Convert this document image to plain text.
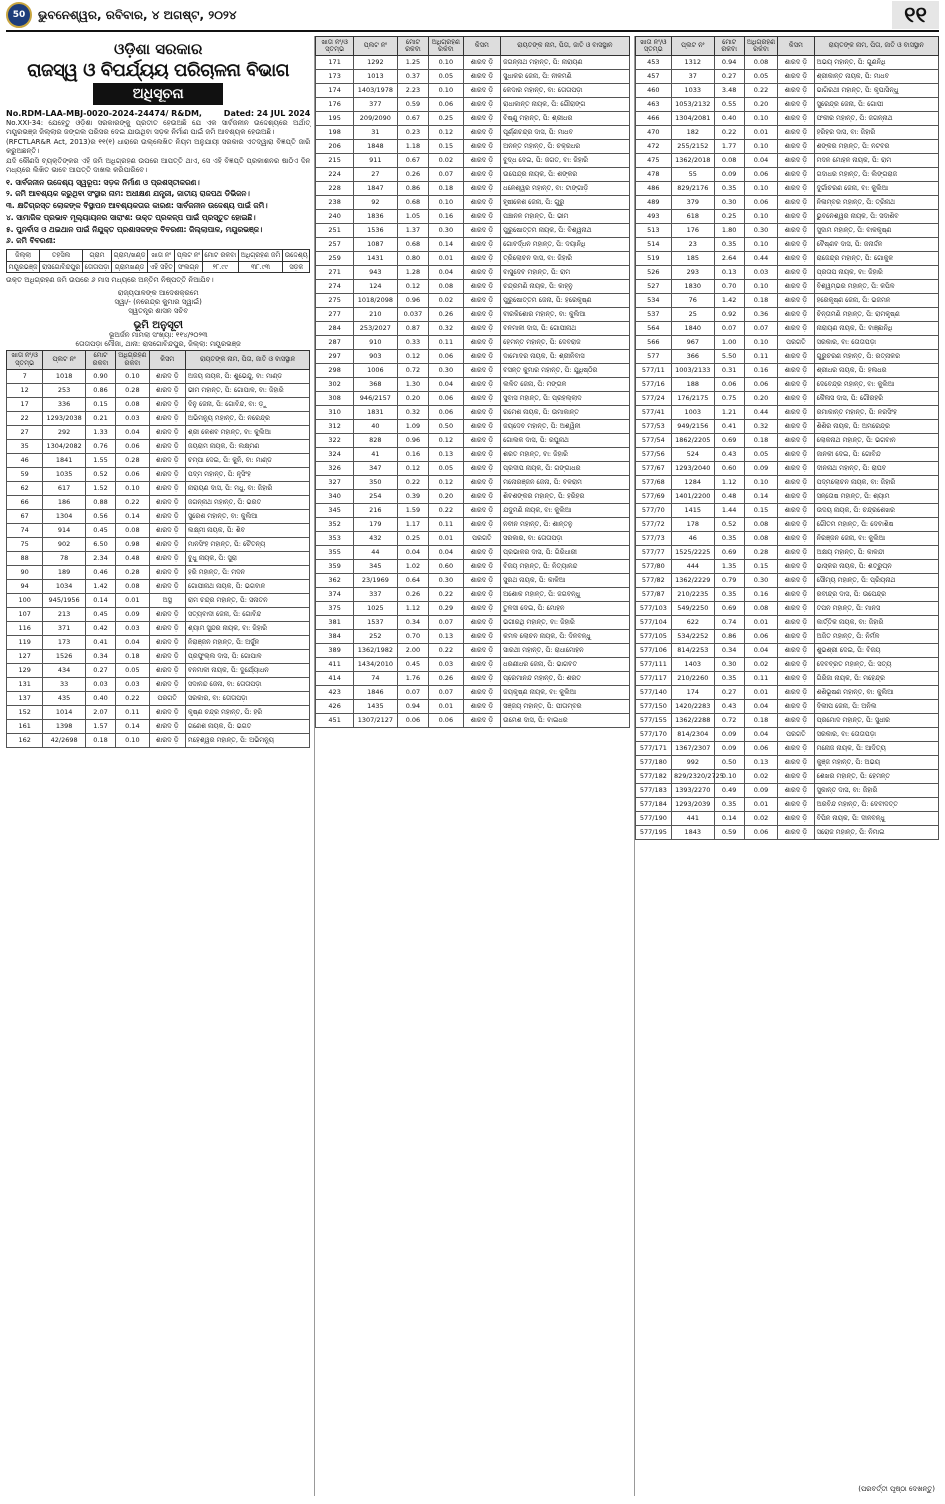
50 ଭୁବନେଶ୍ୱର, ରବିବାର, ୪ ଅଗଷ୍ଟ, ୨୦୨୪	୧୧
ଓଡ଼ିଶା ସରକାର
ରାଜସ୍ୱ ଓ ବିପର୍ଯ୍ୟୟ ପରିଚାଳନା ବିଭାଗ
ଅଧିସୂଚନା
No.RDM-LAA-MBJ-0020-2024-24474/ R&DM,	Dated: 24 JUL 2024

No.XXI-34: ଯେହେତୁ ଓଡ଼ିଶା ସରକାରଙ୍କୁ ପ୍ରତୀତ ହେଉଅଛି ଯେ ଏକ ସାର୍ବଜନୀନ ଉଦ୍ଦେଶ୍ୟରେ ଅର୍ଥାତ୍ ମୟୂରଭଞ୍ଜ ଜିଲ୍ଲାର ଜଙ୍ଗଲ ପରିସର ଦେଇ ଯାଉଥିବା ସଡ଼କ ନିର୍ମାଣ ପାଇଁ ଜମି ଆବଶ୍ୟକ ହେଉଅଛି।

(RFCTLAR&R Act, 2013)ର ୧୧(୧) ଧାରାରେ ଉଲ୍ଲେଖିତ ନିୟମ ଅନୁଯାୟୀ ସରକାର ଏତଦ୍ୱାରା ବିଜ୍ଞପ୍ତି ଜାରି କରୁଅଛନ୍ତି।

ଯଦି କୌଣସି ବ୍ୟକ୍ତିଙ୍କର ଏହି ଜମି ଅଧିଗ୍ରହଣ ଉପରେ ଆପତ୍ତି ଥାଏ, ସେ ଏହି ବିଜ୍ଞପ୍ତି ପ୍ରକାଶନର ଷାଠିଏ ଦିନ ମଧ୍ୟରେ ଲିଖିତ ଭାବେ ଆପତ୍ତି ଦାଖଲ କରିପାରିବେ।

୧. ସାର୍ବଜନୀନ ଉଦ୍ଦେଶ୍ୟ ସ୍ୱରୂପ: ସଡ଼କ ନିର୍ମାଣ ଓ ପ୍ରଶସ୍ତୀକରଣ।
୨. ଜମି ଆବଶ୍ୟକ କରୁଥିବା ସଂସ୍ଥାର ନାମ: ଅଧୀକ୍ଷଣ ଯନ୍ତ୍ରୀ, ଜାତୀୟ ରାଜପଥ ଡିଭିଜନ।
୩. କ୍ଷତିଗ୍ରସ୍ତ ଲୋକଙ୍କ ବିସ୍ଥାପନ ଆବଶ୍ୟକତାର କାରଣ: ସାର୍ବଜନୀନ ଉଦ୍ଦେଶ୍ୟ ପାଇଁ ଜମି।
୪. ସାମାଜିକ ପ୍ରଭାବ ମୂଲ୍ୟାୟନର ସାରାଂଶ: ଉକ୍ତ ପ୍ରକଳ୍ପ ପାଇଁ ପ୍ରସ୍ତୁତ ହୋଇଛି।
୫. ପୁନର୍ବାସ ଓ ଥଇଥାନ ପାଇଁ ନିଯୁକ୍ତ ପ୍ରଶାସକଙ୍କ ବିବରଣୀ: ଜିଲ୍ଲାପାଳ, ମୟୂରଭଞ୍ଜ।
୬. ଜମି ବିବରଣୀ:
ଜିଲ୍ଲା	ତହସିଲ	ଗ୍ରାମ	ଗ୍ରାମ/ଖଣ୍ଡ	ଖାତା ନଂ	ପ୍ଲଟ ନଂ	ମୋଟ ରକବା	ଅଧିଗ୍ରହଣ ଜମି	ଉଦ୍ଦେଶ୍ୟ
ମୟୂରଭଞ୍ଜ	ରାସଗୋବିନ୍ଦପୁର	ତୋତାପଡ଼ା	ଗ୍ରାମଖଣ୍ଡ	ଏହି ସହିତ	ସଂଲଗ୍ନ	୨୮.୯୯	୩୮.୯୩	ସଡ଼କ

ଉକ୍ତ ଅଧିଗ୍ରହଣ ଜମି ଉପରେ ୬ ମାସ ମଧ୍ୟରେ ଅନ୍ତିମ ନିଷ୍ପତ୍ତି ନିଆଯିବ।

ରାଜ୍ୟପାଳଙ୍କ ଆଦେଶକ୍ରମେ
ସ୍ୱା/- (ନରେନ୍ଦ୍ର କୁମାର ସ୍ୱାଇଁ)
ସ୍ୱତନ୍ତ୍ର ଶାସନ ସଚିବ
ଭୂମି ଅନୁସୂଚୀ
ଭୂଅର୍ଜନ ମାମଲା ସଂଖ୍ୟା: ୧୧୪/୨୦୨୩
ତୋତାପଡ଼ା ମୌଜା, ଥାନା: ରାସଗୋବିନ୍ଦପୁର, ଜିଲ୍ଲା: ମୟୂରଭଞ୍ଜ
ଖାତା ନଂ/ଓ ସ୍ତମ୍ଭ	ପ୍ଲଟ ନଂ	ମୋଟ ରକବା	ଅଧିଗ୍ରହଣ ରକବା	କିସମ	ରାୟତଙ୍କ ନାମ, ପିତା, ଜାତି ଓ ବାସସ୍ଥାନ
7	1018	0.90	0.10	ଶାରଦ ଡ଼ି	ଅଜୟ ନାୟକ, ପି: ଶୁଭେନ୍ଦୁ, ବା: ମାଣ୍ଡ
12	253	0.86	0.28	ଶାରଦ ଡ଼ି	ଭୀମ ମହାନ୍ତ, ପି: ଗୋପାଳ, ବା: ଜିହାରି
17	336	0.15	0.08	ଶାରଦ ଡ଼ି	ଦିନୁ ଜେନା, ପି: ଗୋବିନ୍ଦ, ବା: ଡ଼ୁ
22	1293/2038	0.21	0.03	ଶାରଦ ଡ଼ି	ଅଭିମନ୍ୟୁ ମହାନ୍ତ, ପି: ନରେନ୍ଦ୍ର
27	292	1.33	0.04	ଶାରଦ ଡ଼ି	ଶ୍ରୀ କେଶବ ମହାନ୍ତ, ବା: କୁଲିଆ
35	1304/2082	0.76	0.06	ଶାରଦ ଡ଼ି	ଜୟରାମ ନାୟକ, ପି: ଲକ୍ଷ୍ମଣ
46	1841	1.55	0.28	ଶାରଦ ଡ଼ି	ଚମ୍ପା ଦେଇ, ପି: କୁନି, ବା: ମାଣ୍ଡ
59	1035	0.52	0.06	ଶାରଦ ଡ଼ି	ପଦ୍ମ ମହାନ୍ତ, ପି: ନୃସିଂହ
62	617	1.52	0.10	ଶାରଦ ଡ଼ି	ନାରାୟଣ ଦାସ, ପି: ମଧୁ, ବା: ଜିହାରି
66	186	0.88	0.22	ଶାରଦ ଡ଼ି	ଜଗନ୍ନାଥ ମହାନ୍ତ, ପି: ଭରତ
67	1304	0.56	0.14	ଶାରଦ ଡ଼ି	ସୁରେଶ ମହାନ୍ତ, ବା: କୁଲିଆ
74	914	0.45	0.08	ଶାରଦ ଡ଼ି	ଲକ୍ଷ୍ମୀ ନାୟକ, ପି: ଶିବ
75	902	6.50	0.98	ଶାରଦ ଡ଼ି	ମାନସିଂହ ମହାନ୍ତ, ପି: ଚୈତନ୍ୟ
88	78	2.34	0.48	ଶାରଦ ଡ଼ି	ବୁଧୁ ନାୟକ, ପି: ସୁରା
90	189	0.46	0.28	ଶାରଦ ଡ଼ି	ହରି ମହାନ୍ତ, ପି: ମଦନ
94	1034	1.42	0.08	ଶାରଦ ଡ଼ି	ଗୋପୀନାଥ ନାୟକ, ପି: ଭଗବାନ
100	945/1956	0.14	0.01	ଅସ୍ଥ	ରାମ ଚନ୍ଦ୍ର ମହାନ୍ତ, ପି: ସନାତନ
107	213	0.45	0.09	ଶାରଦ ଡ଼ି	ସତ୍ୟବାଦୀ ଜେନା, ପି: ଗୋବିନ୍ଦ
116	371	0.42	0.03	ଶାରଦ ଡ଼ି	ଶ୍ୟାମ ସୁନ୍ଦର ନାୟକ, ବା: ଜିହାରି
119	173	0.41	0.04	ଶାରଦ ଡ଼ି	ନିରାଞ୍ଜନ ମହାନ୍ତ, ପି: ଅର୍ଜୁନ
127	1526	0.34	0.18	ଶାରଦ ଡ଼ି	ପ୍ରଫୁଲ୍ଲ ଦାସ, ପି: ଗୋପାଳ
129	434	0.27	0.05	ଶାରଦ ଡ଼ି	ବନମାଳୀ ନାୟକ, ପି: ଦୁର୍ଯ୍ୟୋଧନ
131	33	0.03	0.03	ଶାରଦ ଡ଼ି	ସଦାନନ୍ଦ ଜେନା, ବା: ତୋତାପଡ଼ା
137	435	0.40	0.22	ପରଗତି	ସରକାର, ବା: ତୋତାପଡ଼ା
152	1014	2.07	0.11	ଶାରଦ ଡ଼ି	କୃଷ୍ଣ ଚନ୍ଦ୍ର ମହାନ୍ତ, ପି: ହରି
161	1398	1.57	0.14	ଶାରଦ ଡ଼ି	ଗଣେଶ ନାୟକ, ପି: ଭଗତ
162	42/2698	0.18	0.10	ଶାରଦ ଡ଼ି	ମହେଶ୍ୱର ମହାନ୍ତ, ପି: ଅଭିମନ୍ୟୁ
ଖାତା ନଂ/ଓ ସ୍ତମ୍ଭ	ପ୍ଲଟ ନଂ	ମୋଟ ରକବା	ଅଧିଗ୍ରହଣ ରକବା	କିସମ	ରାୟତଙ୍କ ନାମ, ପିତା, ଜାତି ଓ ବାସସ୍ଥାନ
171	1292	1.25	0.10	ଶାରଦ ଡ଼ି	ଜଗନ୍ନାଥ ମହାନ୍ତ, ପି: ନାରାୟଣ
173	1013	0.37	0.05	ଶାରଦ ଡ଼ି	ସୁଧାକର ଜେନା, ପି: ନୀଳମଣି
174	1403/1978	2.23	0.10	ଶାରଦ ଡ଼ି	କେଦାର ମହାନ୍ତ, ବା: ତୋତାପଡ଼ା
176	377	0.59	0.06	ଶାରଦ ଡ଼ି	ରାଧାକାନ୍ତ ନାୟକ, ପି: ଗୌରାଙ୍ଗ
195	209/2090	0.67	0.25	ଶାରଦ ଡ଼ି	ବିଷ୍ଣୁ ମହାନ୍ତ, ପି: ଶ୍ରୀଧର
198	31	0.23	0.12	ଶାରଦ ଡ଼ି	ପୂର୍ଣ୍ଣଚନ୍ଦ୍ର ଦାସ, ପି: ମାଧବ
206	1848	1.18	0.15	ଶାରଦ ଡ଼ି	ଅନନ୍ତ ମହାନ୍ତ, ପି: ଚକ୍ରଧର
215	911	0.67	0.02	ଶାରଦ ଡ଼ି	ବୁଦ୍ଧ ଦେଇ, ପି: ଜଗତ, ବା: ଜିହାରି
224	27	0.26	0.07	ଶାରଦ ଡ଼ି	ଉପେନ୍ଦ୍ର ନାୟକ, ପି: ଶଙ୍କର
228	1847	0.86	0.18	ଶାରଦ ଡ଼ି	ଧନେଶ୍ୱର ମହାନ୍ତ, ବା: ଟାଙ୍ଗାଡ଼ି
238	92	0.68	0.10	ଶାରଦ ଡ଼ି	ହୃଷୀକେଶ ଜେନା, ପି: ଗୁରୁ
240	1836	1.05	0.16	ଶାରଦ ଡ଼ି	ପଞ୍ଚାନନ ମହାନ୍ତ, ପି: ଭୀମ
251	1536	1.37	0.30	ଶାରଦ ଡ଼ି	ପୁରୁଷୋତ୍ତମ ନାୟକ, ପି: ବିଶ୍ୱନାଥ
257	1087	0.68	0.14	ଶାରଦ ଡ଼ି	ଗୋବର୍ଦ୍ଧନ ମହାନ୍ତ, ପି: ଦୟାନିଧି
259	1431	0.80	0.01	ଶାରଦ ଡ଼ି	ତ୍ରିଲୋଚନ ଦାସ, ବା: ଜିହାରି
271	943	1.28	0.04	ଶାରଦ ଡ଼ି	ବାସୁଦେବ ମହାନ୍ତ, ପି: ରାମ
274	124	0.12	0.08	ଶାରଦ ଡ଼ି	ଚନ୍ଦ୍ରମଣି ନାୟକ, ପି: କାହ୍ନୁ
275	1018/2098	0.96	0.02	ଶାରଦ ଡ଼ି	ପୁରୁଷୋତ୍ତମ ଜେନା, ପି: ହରେକୃଷ୍ଣ
277	210	0.037	0.26	ଶାରଦ ଡ଼ି	ବୀରକିଶୋର ମହାନ୍ତ, ବା: କୁଲିଆ
284	253/2027	0.87	0.32	ଶାରଦ ଡ଼ି	ବନମାଳୀ ଦାସ, ପି: ଗୋପୀନାଥ
287	910	0.33	0.11	ଶାରଦ ଡ଼ି	ହେମନ୍ତ ମହାନ୍ତ, ପି: ଦେବରାଜ
297	903	0.12	0.06	ଶାରଦ ଡ଼ି	ଦାମୋଦର ନାୟକ, ପି: ଶ୍ରୀନିବାସ
298	1006	0.72	0.30	ଶାରଦ ଡ଼ି	ବସନ୍ତ କୁମାର ମହାନ୍ତ, ପି: ଯୁଧିଷ୍ଠିର
302	368	1.30	0.04	ଶାରଦ ଡ଼ି	ଲଳିତ ଜେନା, ପି: ମଙ୍ଗଳ
308	946/2157	0.20	0.06	ଶାରଦ ଡ଼ି	ସୁବାସ ମହାନ୍ତ, ପି: ପ୍ରହଲ୍ଲାଦ
310	1831	0.32	0.06	ଶାରଦ ଡ଼ି	ରମେଶ ନାୟକ, ପି: ଉମାକାନ୍ତ
312	40	1.09	0.50	ଶାରଦ ଡ଼ି	ଜୟଦେବ ମହାନ୍ତ, ପି: ଅଶ୍ୱିନୀ
322	828	0.96	0.12	ଶାରଦ ଡ଼ି	ଗୋଲକ ଦାସ, ପି: ରଘୁନାଥ
324	41	0.16	0.13	ଶାରଦ ଡ଼ି	ଶରତ ମହାନ୍ତ, ବା: ଜିହାରି
326	347	0.12	0.05	ଶାରଦ ଡ଼ି	ପ୍ରଦୀପ ନାୟକ, ପି: ଗଙ୍ଗାଧର
327	350	0.22	0.12	ଶାରଦ ଡ଼ି	ମନୋରଞ୍ଜନ ଜେନା, ପି: ବଳରାମ
340	254	0.39	0.20	ଶାରଦ ଡ଼ି	ଶିବଶଙ୍କର ମହାନ୍ତ, ପି: ହରିହର
345	216	1.59	0.22	ଶାରଦ ଡ଼ି	ଯଦୁମଣି ନାୟକ, ବା: କୁଲିଆ
352	179	1.17	0.11	ଶାରଦ ଡ଼ି	ନବୀନ ମହାନ୍ତ, ପି: ଶାନ୍ତନୁ
353	432	0.25	0.01	ପରଗତି	ସରକାର, ବା: ତୋତାପଡ଼ା
355	44	0.04	0.04	ଶାରଦ ଡ଼ି	ପ୍ରଭାକର ଦାସ, ପି: ଗିରିଧାରୀ
359	345	1.02	0.60	ଶାରଦ ଡ଼ି	ବିଜୟ ମହାନ୍ତ, ପି: ନିତ୍ୟାନନ୍ଦ
362	23/1969	0.64	0.30	ଶାରଦ ଡ଼ି	ସୁରଥ ନାୟକ, ପି: କାଳିଆ
374	337	0.26	0.22	ଶାରଦ ଡ଼ି	ଅଶୋକ ମହାନ୍ତ, ପି: ଜଗବନ୍ଧୁ
375	1025	1.12	0.29	ଶାରଦ ଡ଼ି	ତୁଳସୀ ଦେଇ, ପି: ମୋହନ
381	1537	0.34	0.07	ଶାରଦ ଡ଼ି	ଭଗୀରଥି ମହାନ୍ତ, ବା: ଜିହାରି
384	252	0.70	0.13	ଶାରଦ ଡ଼ି	କମଳ ଲୋଚନ ନାୟକ, ପି: ଦିନବନ୍ଧୁ
389	1362/1982	2.00	0.22	ଶାରଦ ଡ଼ି	ସାରଥୀ ମହାନ୍ତ, ପି: ରାଧାମୋହନ
411	1434/2010	0.45	0.03	ଶାରଦ ଡ଼ି	ଧରଣୀଧର ଜେନା, ପି: ଭାଗବତ
414	74	1.76	0.26	ଶାରଦ ଡ଼ି	ପ୍ରେମାନନ୍ଦ ମହାନ୍ତ, ପି: ଶରତ
423	1846	0.07	0.07	ଶାରଦ ଡ଼ି	ଜୟକୃଷ୍ଣ ନାୟକ, ବା: କୁଲିଆ
426	1435	0.94	0.01	ଶାରଦ ଡ଼ି	ସଞ୍ଜୟ ମହାନ୍ତ, ପି: ପୀତାମ୍ବର
451	1307/2127	0.06	0.06	ଶାରଦ ଡ଼ି	ଉମେଶ ଦାସ, ପି: ବାଇଧର
ଖାତା ନଂ/ଓ ସ୍ତମ୍ଭ	ପ୍ଲଟ ନଂ	ମୋଟ ରକବା	ଅଧିଗ୍ରହଣ ରକବା	କିସମ	ରାୟତଙ୍କ ନାମ, ପିତା, ଜାତି ଓ ବାସସ୍ଥାନ
453	1312	0.94	0.08	ଶାରଦ ଡ଼ି	ଅଭୟ ମହାନ୍ତ, ପି: ଗୁଣନିଧି
457	37	0.27	0.05	ଶାରଦ ଡ଼ି	ଶ୍ରୀକାନ୍ତ ନାୟକ, ପି: ମାଧବ
460	1033	3.48	0.22	ଶାରଦ ଡ଼ି	ଭାଗିରଥୀ ମହାନ୍ତ, ପି: କୃପାସିନ୍ଧୁ
463	1053/2132	0.55	0.20	ଶାରଦ ଡ଼ି	ସୁରେନ୍ଦ୍ର ଜେନା, ପି: ଗୋପୀ
466	1304/2081	0.40	0.10	ଶାରଦ ଡ଼ି	ଫକୀର ମହାନ୍ତ, ପି: ଜଗନ୍ନାଥ
470	182	0.22	0.01	ଶାରଦ ଡ଼ି	ହରିହର ଦାସ, ବା: ଜିହାରି
472	255/2152	1.77	0.10	ଶାରଦ ଡ଼ି	ଶଙ୍କର ମହାନ୍ତ, ପି: ନଟବର
475	1362/2018	0.08	0.04	ଶାରଦ ଡ଼ି	ମଦନ ମୋହନ ନାୟକ, ପି: ରାମ
478	55	0.09	0.06	ଶାରଦ ଡ଼ି	ଗଦାଧର ମହାନ୍ତ, ପି: ଲିଙ୍ଗରାଜ
486	829/2176	0.35	0.10	ଶାରଦ ଡ଼ି	ଦୁର୍ଗାଚରଣ ଜେନା, ବା: କୁଲିଆ
489	379	0.30	0.06	ଶାରଦ ଡ଼ି	ନିଳାମ୍ବର ମହାନ୍ତ, ପି: ତ୍ରିନାଥ
493	618	0.25	0.10	ଶାରଦ ଡ଼ି	ଭୁବନେଶ୍ୱର ନାୟକ, ପି: ସଦାଶିବ
513	176	1.80	0.30	ଶାରଦ ଡ଼ି	ସୁଦାମ ମହାନ୍ତ, ପି: ବାଳକୃଷ୍ଣ
514	23	0.35	0.10	ଶାରଦ ଡ଼ି	ବୈଷ୍ଣବ ଦାସ, ପି: ଜନାର୍ଦ୍ଦନ
519	185	2.64	0.44	ଶାରଦ ଡ଼ି	ରାଜେନ୍ଦ୍ର ମହାନ୍ତ, ପି: ଗୋକୁଳ
526	293	0.13	0.03	ଶାରଦ ଡ଼ି	ପ୍ରତାପ ନାୟକ, ବା: ଜିହାରି
527	1830	0.70	0.10	ଶାରଦ ଡ଼ି	ବିଶ୍ୱମ୍ଭର ମହାନ୍ତ, ପି: କପିଳ
534	76	1.42	0.18	ଶାରଦ ଡ଼ି	ହରେକୃଷ୍ଣ ଜେନା, ପି: ଭଜମନ
537	25	0.92	0.36	ଶାରଦ ଡ଼ି	ଚିନ୍ତାମଣି ମହାନ୍ତ, ପି: ରାମକୃଷ୍ଣ
564	1840	0.07	0.07	ଶାରଦ ଡ଼ି	ନାରାୟଣ ନାୟକ, ପି: ବାଞ୍ଛାନିଧି
566	967	1.00	0.10	ପରଗତି	ସରକାର, ବା: ତୋତାପଡ଼ା
577	366	5.50	0.11	ଶାରଦ ଡ଼ି	ଗୁରୁଚରଣ ମହାନ୍ତ, ପି: ରତ୍ନାକର
577/11	1003/2133	0.31	0.16	ଶାରଦ ଡ଼ି	ଶ୍ରୀଧର ନାୟକ, ପି: ହଲଧର
577/16	188	0.06	0.06	ଶାରଦ ଡ଼ି	ଦେବେନ୍ଦ୍ର ମହାନ୍ତ, ବା: କୁଲିଆ
577/24	176/2175	0.75	0.20	ଶାରଦ ଡ଼ି	କୈଳାସ ଦାସ, ପି: ଗୌରହରି
577/41	1003	1.21	0.44	ଶାରଦ ଡ଼ି	ରମାକାନ୍ତ ମହାନ୍ତ, ପି: ନରସିଂହ
577/53	949/2156	0.41	0.32	ଶାରଦ ଡ଼ି	ଶିଶିର ନାୟକ, ପି: ଅମରେନ୍ଦ୍ର
577/54	1862/2205	0.69	0.18	ଶାରଦ ଡ଼ି	ଲୋକନାଥ ମହାନ୍ତ, ପି: ଭଗବାନ
577/56	524	0.43	0.05	ଶାରଦ ଡ଼ି	ଜାନକୀ ଦେଇ, ପି: ଗୋବିନ୍ଦ
577/67	1293/2040	0.60	0.09	ଶାରଦ ଡ଼ି	ଦୀନନାଥ ମହାନ୍ତ, ପି: ରାଘବ
577/68	1284	1.12	0.10	ଶାରଦ ଡ଼ି	ପଦ୍ମଲୋଚନ ନାୟକ, ବା: ଜିହାରି
577/69	1401/2200	0.48	0.14	ଶାରଦ ଡ଼ି	ସନ୍ତୋଷ ମହାନ୍ତ, ପି: ଶ୍ୟାମ
577/70	1415	1.44	0.15	ଶାରଦ ଡ଼ି	ଉଦୟ ନାୟକ, ପି: ଚନ୍ଦ୍ରଶେଖର
577/72	178	0.52	0.08	ଶାରଦ ଡ଼ି	ଗୌତମ ମହାନ୍ତ, ପି: ଦେବାଶିଷ
577/73	46	0.35	0.08	ଶାରଦ ଡ଼ି	ନିରଞ୍ଜନ ଜେନା, ବା: କୁଲିଆ
577/77	1525/2225	0.69	0.28	ଶାରଦ ଡ଼ି	ଅକ୍ଷୟ ମହାନ୍ତ, ପି: କାଳନ୍ଦୀ
577/80	444	1.35	0.15	ଶାରଦ ଡ଼ି	ଭାସ୍କର ନାୟକ, ପି: ଶତ୍ରୁଘ୍ନ
577/82	1362/2229	0.79	0.30	ଶାରଦ ଡ଼ି	ସୌମ୍ୟ ମହାନ୍ତ, ପି: ପ୍ରିୟନାଥ
577/87	210/2235	0.35	0.16	ଶାରଦ ଡ଼ି	ରବୀନ୍ଦ୍ର ଦାସ, ପି: ଉପେନ୍ଦ୍ର
577/103	549/2250	0.69	0.08	ଶାରଦ ଡ଼ି	ତପନ ମହାନ୍ତ, ପି: ମାନସ
577/104	622	0.74	0.01	ଶାରଦ ଡ଼ି	କାର୍ତ୍ତିକ ନାୟକ, ବା: ଜିହାରି
577/105	534/2252	0.86	0.06	ଶାରଦ ଡ଼ି	ଅଜିତ ମହାନ୍ତ, ପି: ନିର୍ମଳ
577/106	814/2253	0.34	0.04	ଶାରଦ ଡ଼ି	ଶୁଭଶ୍ରୀ ଦେଇ, ପି: ବିଜୟ
577/111	1403	0.30	0.02	ଶାରଦ ଡ଼ି	ଦେବବ୍ରତ ମହାନ୍ତ, ପି: ସତ୍ୟ
577/117	210/2260	0.35	0.11	ଶାରଦ ଡ଼ି	ଗିରିଜା ନାୟକ, ପି: ମହେନ୍ଦ୍ର
577/140	174	0.27	0.01	ଶାରଦ ଡ଼ି	ଶଶିଭୂଷଣ ମହାନ୍ତ, ବା: କୁଲିଆ
577/150	1420/2283	0.43	0.04	ଶାରଦ ଡ଼ି	ଦିଲୀପ ଜେନା, ପି: ଅନିଲ
577/155	1362/2288	0.72	0.18	ଶାରଦ ଡ଼ି	ପ୍ରମୋଦ ମହାନ୍ତ, ପି: ସୁଧୀର
577/170	814/2304	0.09	0.04	ପରଗତି	ସରକାର, ବା: ତୋତାପଡ଼ା
577/171	1367/2307	0.09	0.06	ଶାରଦ ଡ଼ି	ମନୋଜ ନାୟକ, ପି: ଆଦିତ୍ୟ
577/180	992	0.50	0.13	ଶାରଦ ଡ଼ି	କୁଞ୍ଜ ମହାନ୍ତ, ପି: ଅଭୟ
577/182	829/2320/2725	0.10	0.02	ଶାରଦ ଡ଼ି	ଶେଖର ମହାନ୍ତ, ପି: ହେମନ୍ତ
577/183	1393/2270	0.49	0.09	ଶାରଦ ଡ଼ି	ସୁକାନ୍ତ ଦାସ, ବା: ଜିହାରି
577/184	1293/2039	0.35	0.01	ଶାରଦ ଡ଼ି	ଅରବିନ୍ଦ ମହାନ୍ତ, ପି: ଦେବୀଦତ୍ତ
577/190	441	0.14	0.02	ଶାରଦ ଡ଼ି	ବିପିନ ନାୟକ, ପି: ଦୀନବନ୍ଧୁ
577/195	1843	0.59	0.06	ଶାରଦ ଡ଼ି	ସରୋଜ ମହାନ୍ତ, ପି: ନିମାଇ
(ପରବର୍ତ୍ତୀ ପୃଷ୍ଠା ଦେଖନ୍ତୁ)
